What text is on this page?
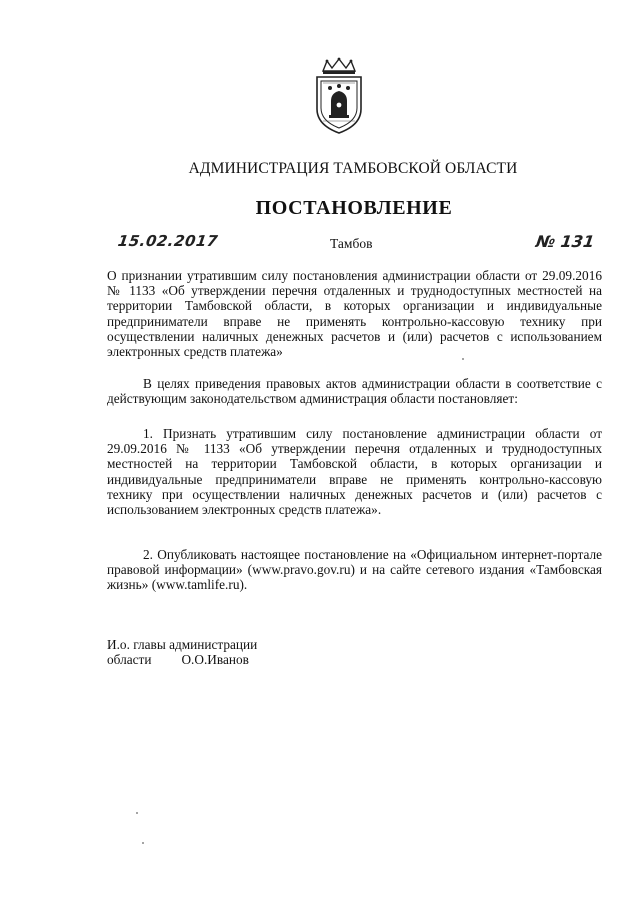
АДМИНИСТРАЦИЯ ТАМБОВСКОЙ ОБЛАСТИ
ПОСТАНОВЛЕНИЕ
15.02.2017	Тамбов	№ 131
О признании утратившим силу постановления администрации области от 29.09.2016 № 1133 «Об утверждении перечня отдаленных и труднодоступных местностей на территории Тамбовской области, в которых организации и индивидуальные предприниматели вправе не применять контрольно-кассовую технику при осуществлении наличных денежных расчетов и (или) расчетов с использованием электронных средств платежа»
В целях приведения правовых актов администрации области в соответствие с действующим законодательством администрация области постановляет:
1. Признать утратившим силу постановление администрации области от 29.09.2016 № 1133 «Об утверждении перечня отдаленных и труднодоступных местностей на территории Тамбовской области, в которых организации и индивидуальные предприниматели вправе не применять контрольно-кассовую технику при осуществлении наличных денежных расчетов и (или) расчетов с использованием электронных средств платежа».
2. Опубликовать настоящее постановление на «Официальном интернет-портале правовой информации» (www.pravo.gov.ru) и на сайте сетевого издания «Тамбовская жизнь» (www.tamlife.ru).
И.о. главы администрации
области О.О.Иванов
